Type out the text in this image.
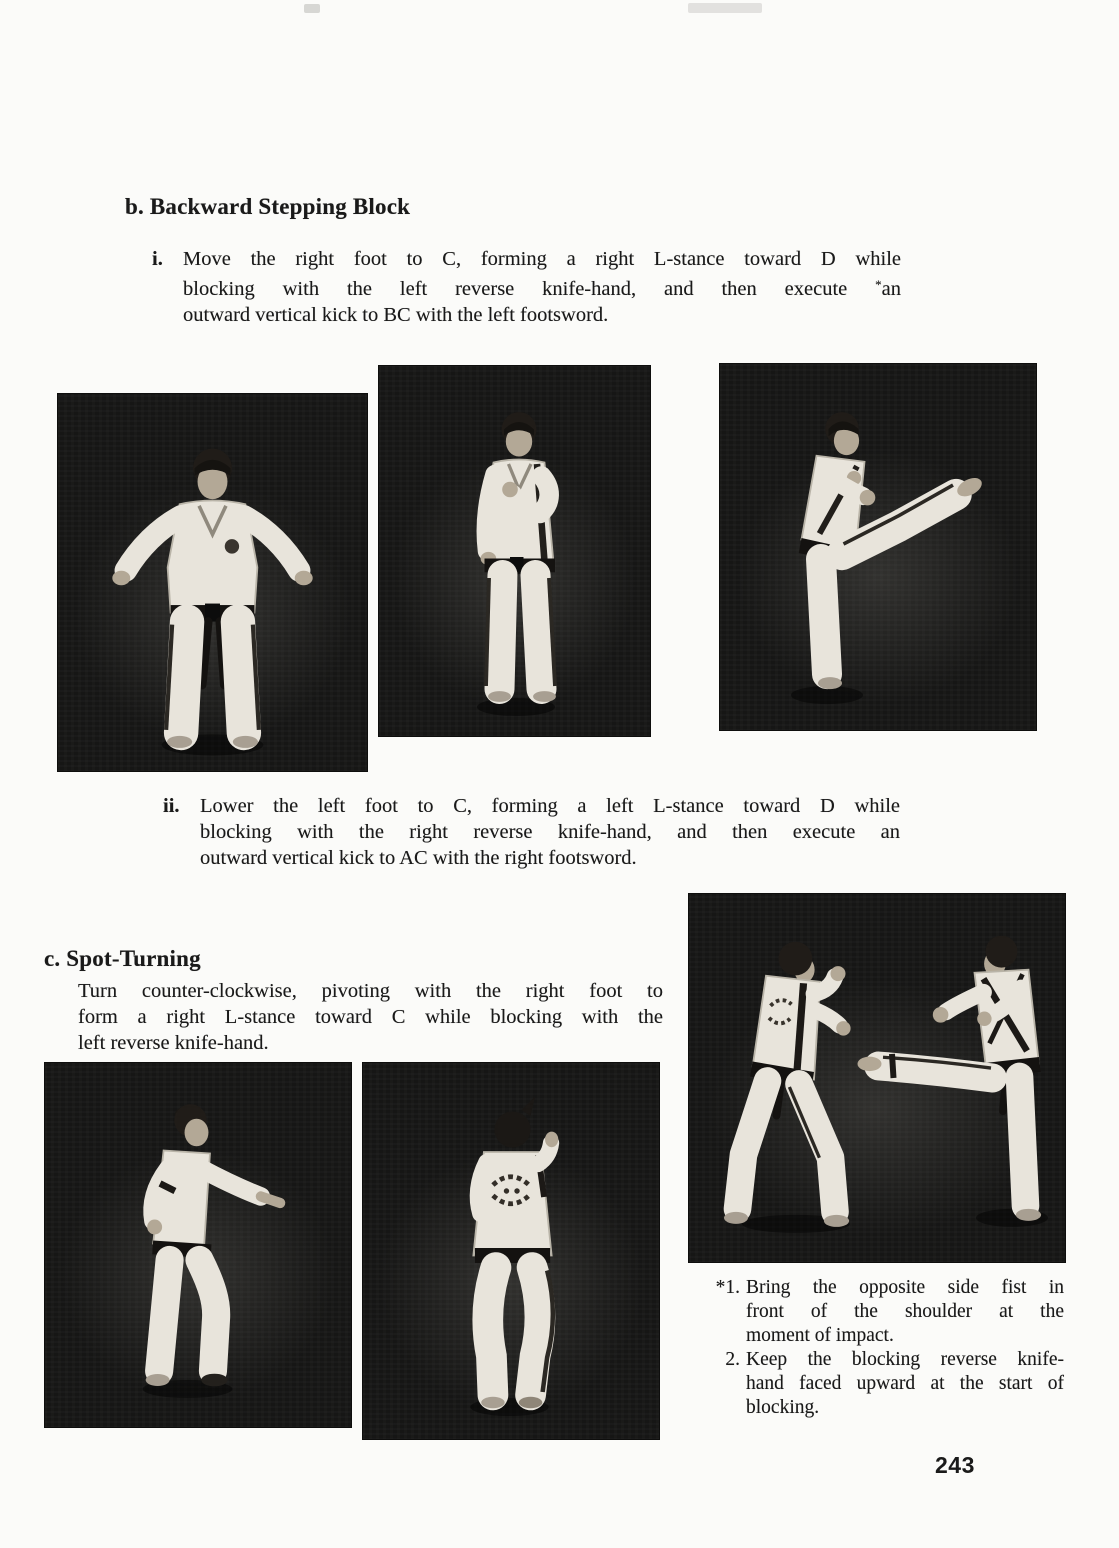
b. Backward Stepping Block
i. Move the right foot to C, forming a right L-stance toward D while
blocking with the left reverse knife-hand, and then execute *an
outward vertical kick to BC with the left footsword.
ii. Lower the left foot to C, forming a left L-stance toward D while
blocking with the right reverse knife-hand, and then execute an
outward vertical kick to AC with the right footsword.
c. Spot-Turning
Turn counter-clockwise, pivoting with the right foot to
form a right L-stance toward C while blocking with the
left reverse knife-hand.
*1. Bring the opposite side fist in
front of the shoulder at the
moment of impact.
2. Keep the blocking reverse knife-
hand faced upward at the start of
blocking.
243
